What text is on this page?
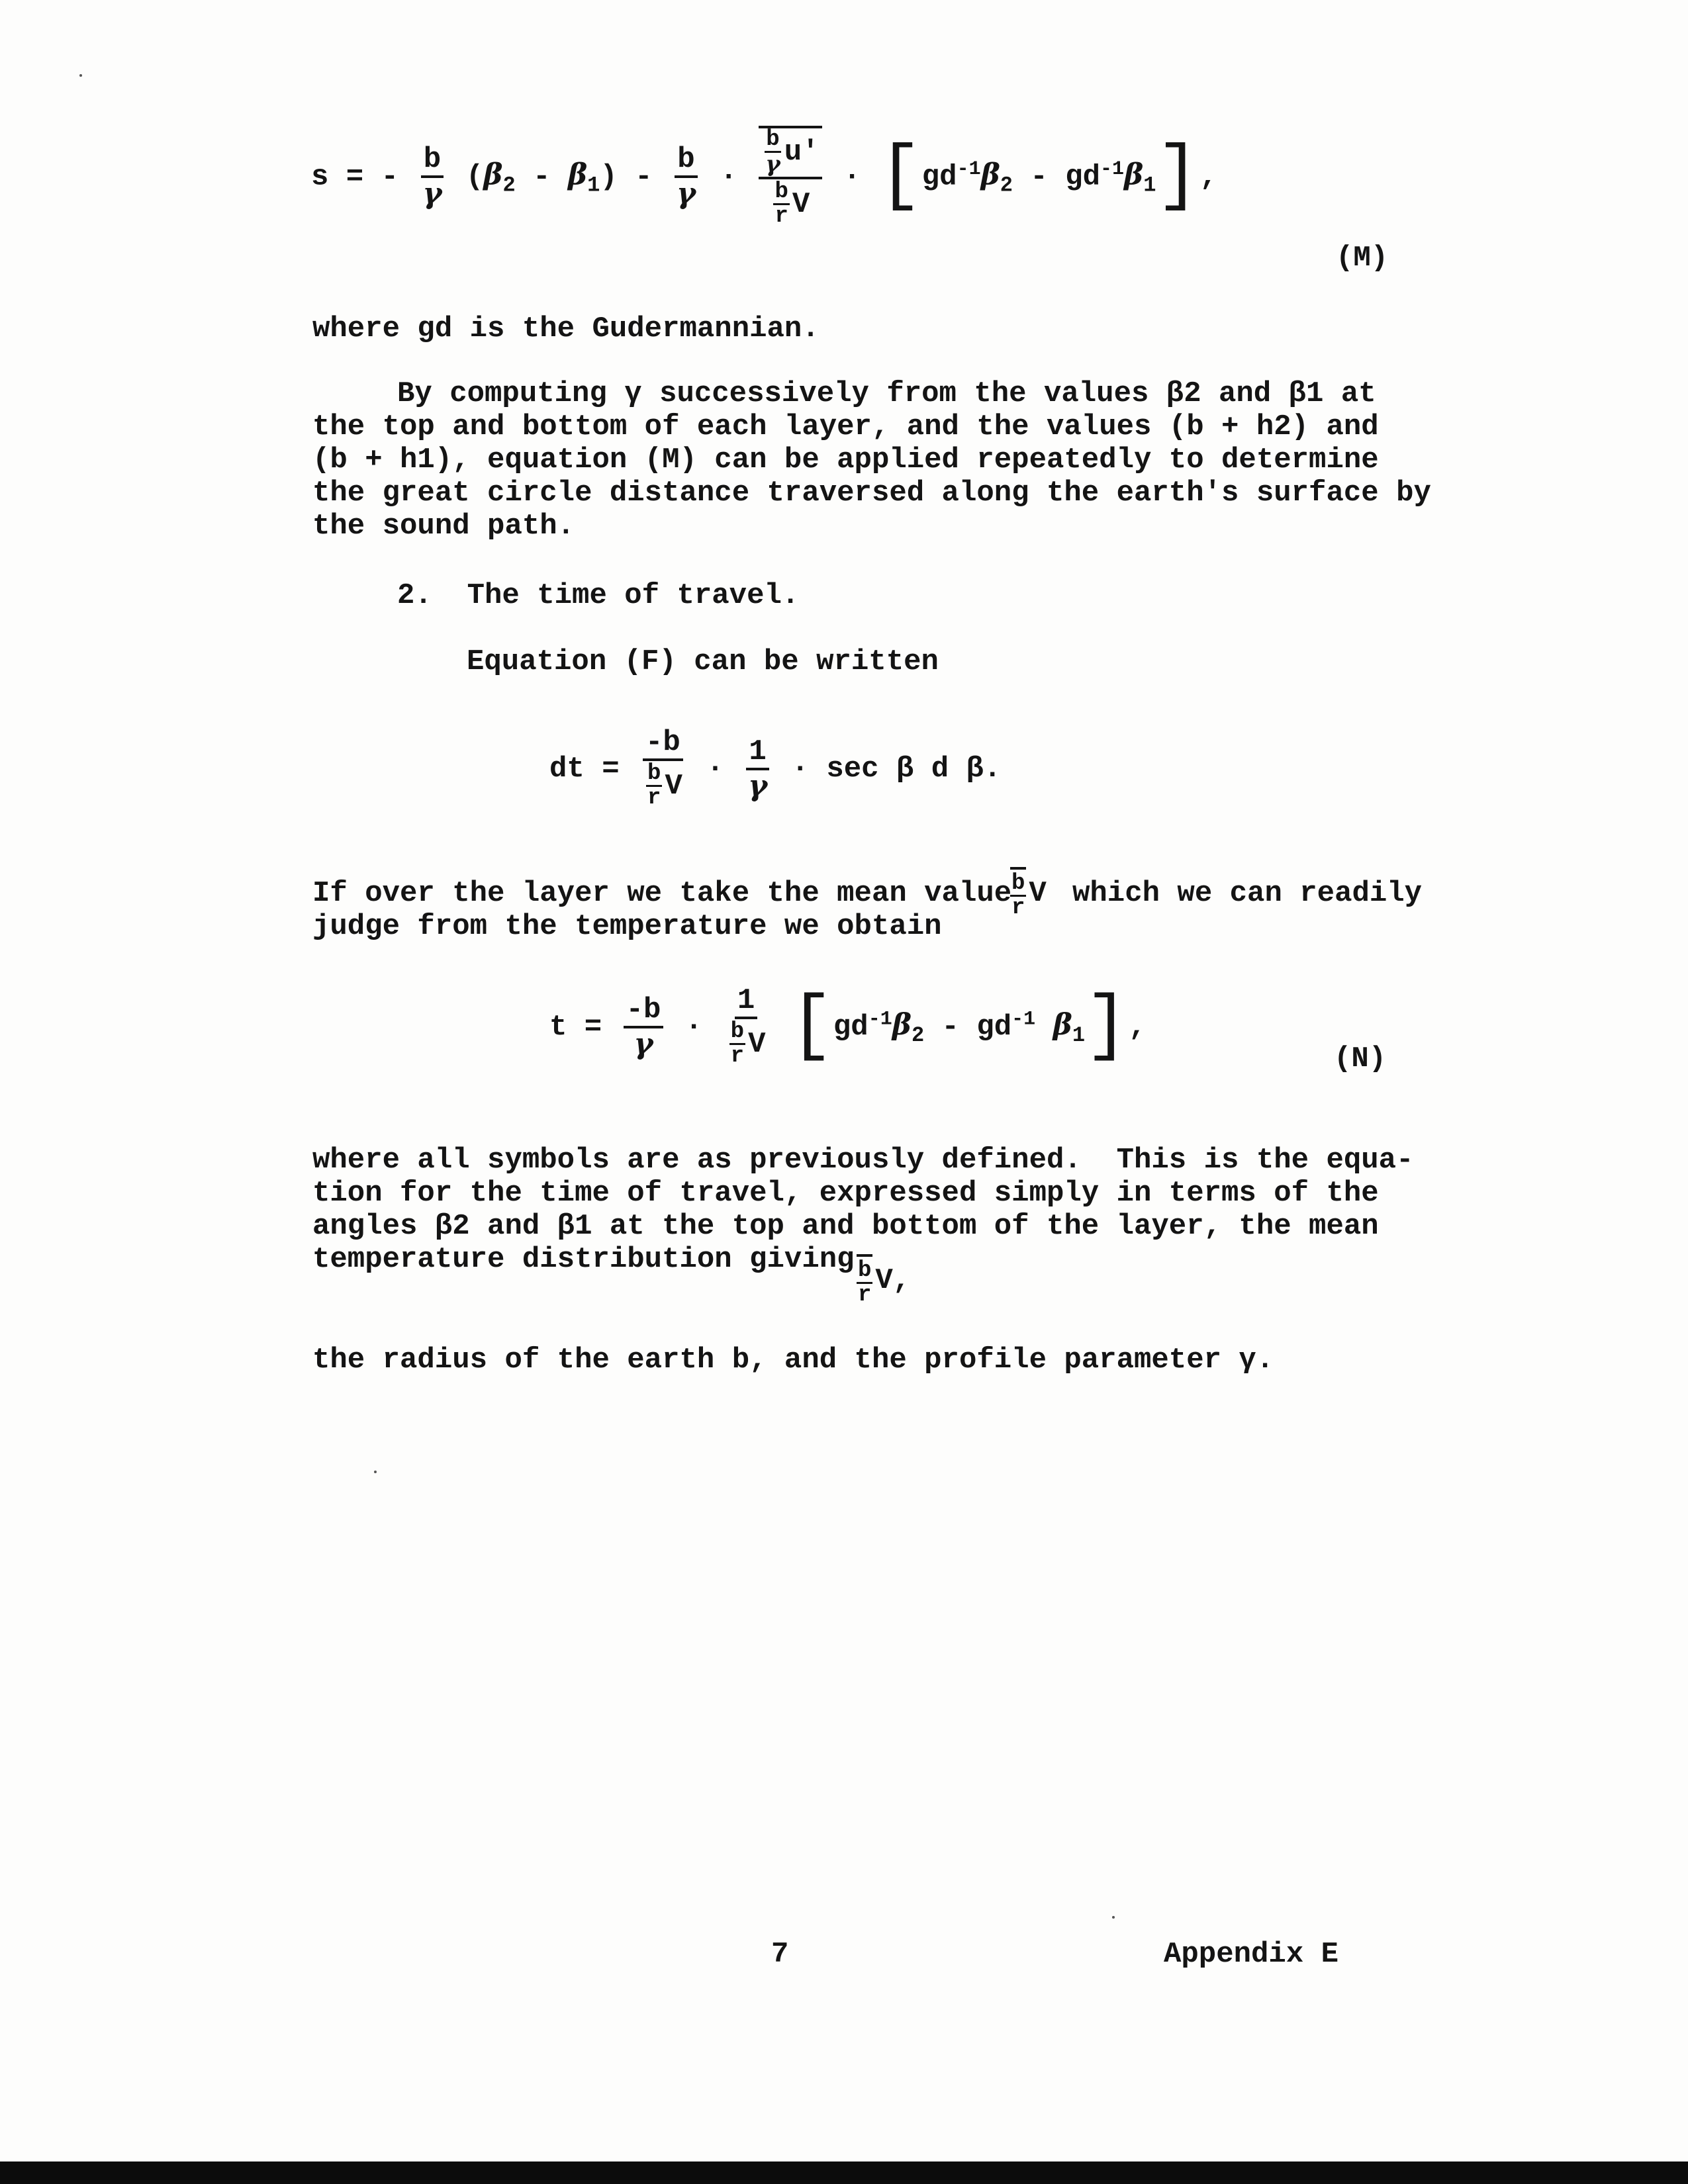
s = - $\frac{b}{\gamma} (\beta_2 - \beta_1) - \frac{b}{\gamma} \cdot \frac{\frac{b}{\gamma} u'}{\frac{b}{r} V} \cdot [gd^{-1}\beta_2 - gd^{-1}\beta_1]$,
(M)
where gd is the Gudermannian.
By computing γ successively from the values β2 and β1 at
the top and bottom of each layer, and the values (b + h2) and
(b + h1), equation (M) can be applied repeatedly to determine
the great circle distance traversed along the earth's surface by
the sound path.
2.  The time of travel.
Equation (F) can be written
dt = $\frac{-b}{\frac{b}{r} V} \cdot \frac{1}{\gamma} \cdot \sec \beta$ d β.
If over the layer we take the mean value
$\frac{b}{r}$ V which we can readily
judge from the temperature we obtain
$t = \frac{-b}{\gamma} \cdot \frac{1}{\frac{b}{r} V} [gd^{-1}\beta_2 - gd^{-1}$ $\beta_1$],
(N)
where all symbols are as previously defined.  This is the equa-
tion for the time of travel, expressed simply in terms of the
angles β2 and β1 at the top and bottom of the layer, the mean
temperature distribution giving $\frac{b}{r} V$,
the radius of the earth b, and the profile parameter γ.
7	Appendix E
